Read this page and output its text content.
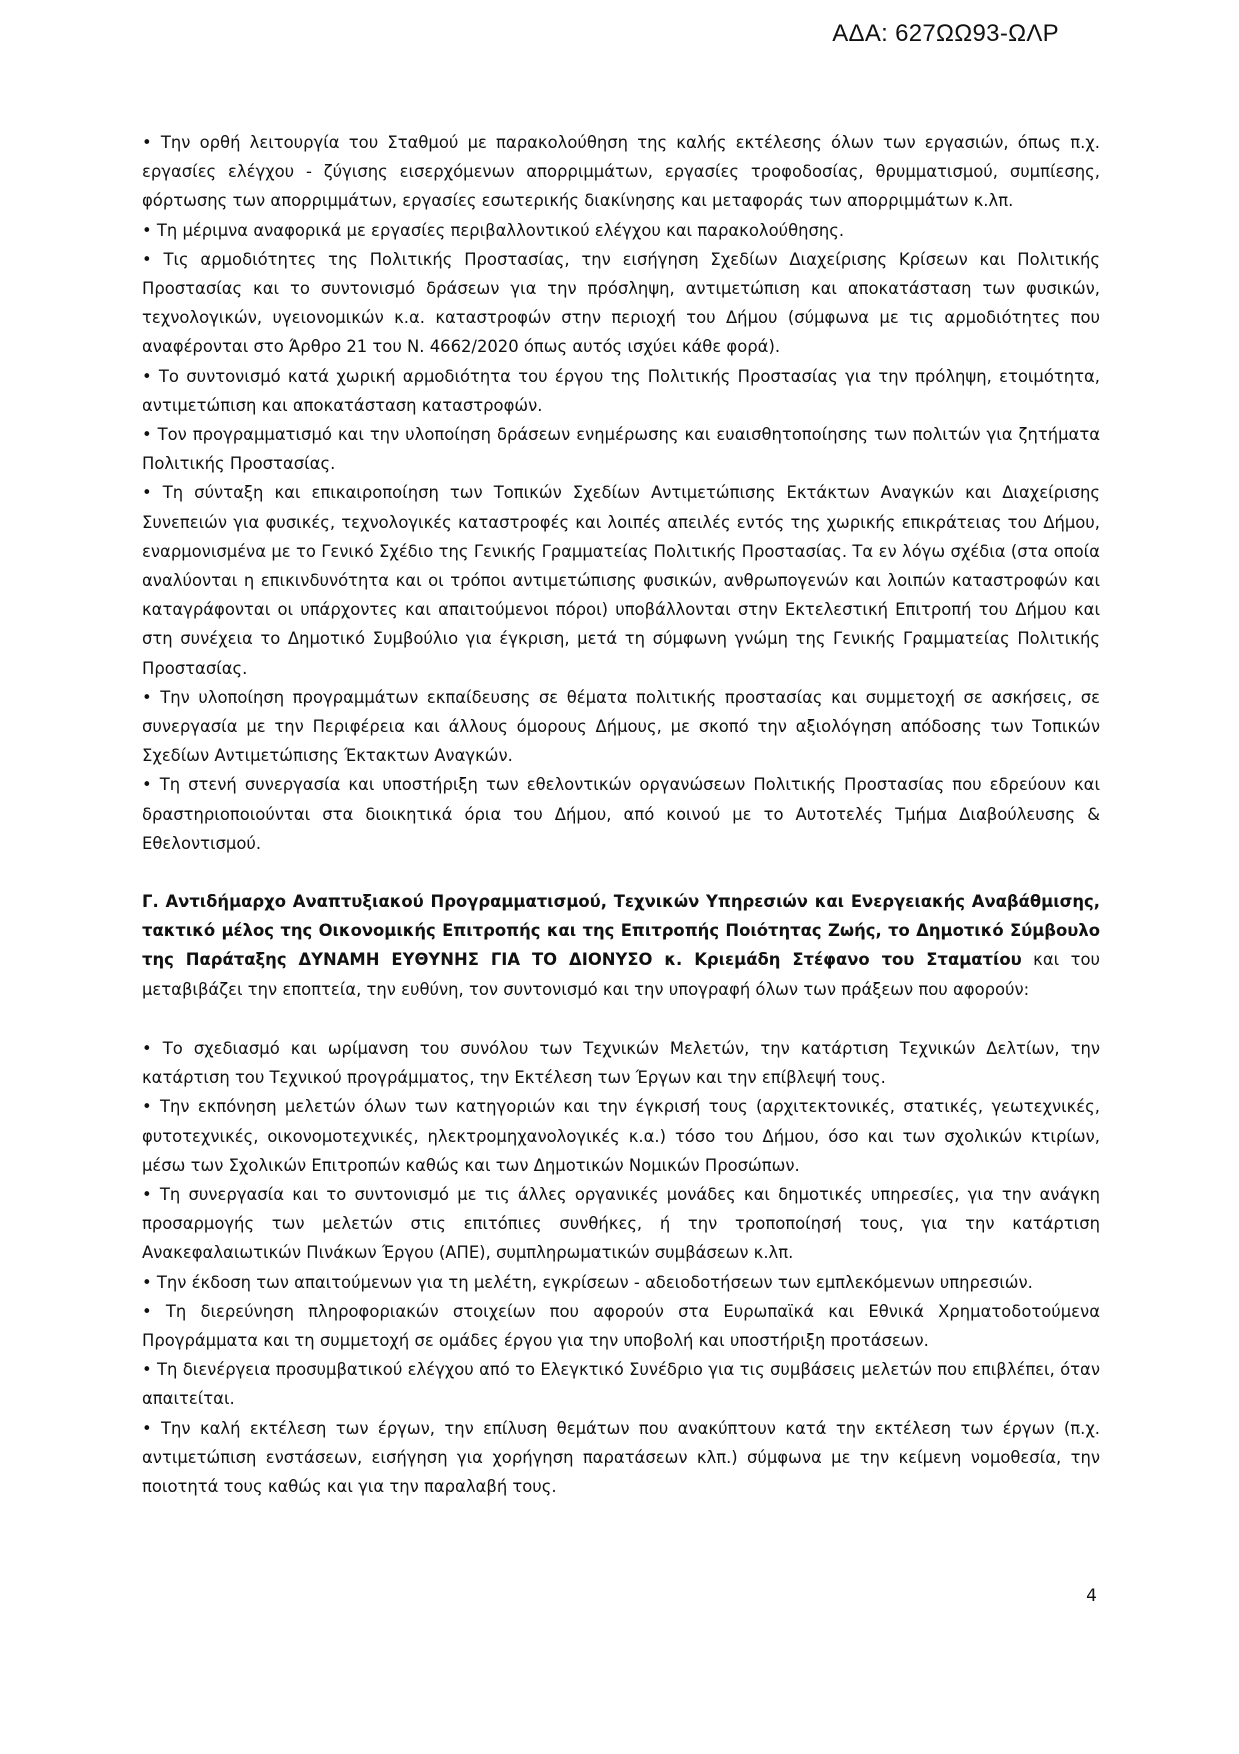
ΑΔΑ: 627ΩΩ93-ΩΛΡ

• Την ορθή λειτουργία του Σταθμού με παρακολούθηση της καλής εκτέλεσης όλων των εργασιών, όπως π.χ. εργασίες ελέγχου - ζύγισης εισερχόμενων απορριμμάτων, εργασίες τροφοδοσίας, θρυμματισμού, συμπίεσης, φόρτωσης των απορριμμάτων, εργασίες εσωτερικής διακίνησης και μεταφοράς των απορριμμάτων κ.λπ.

• Τη μέριμνα αναφορικά με εργασίες περιβαλλοντικού ελέγχου και παρακολούθησης.

• Τις αρμοδιότητες της Πολιτικής Προστασίας, την εισήγηση Σχεδίων Διαχείρισης Κρίσεων και Πολιτικής Προστασίας και το συντονισμό δράσεων για την πρόσληψη, αντιμετώπιση και αποκατάσταση των φυσικών, τεχνολογικών, υγειονομικών κ.α. καταστροφών στην περιοχή του Δήμου (σύμφωνα με τις αρμοδιότητες που αναφέρονται στο Άρθρο 21 του Ν. 4662/2020 όπως αυτός ισχύει κάθε φορά).

• Το συντονισμό κατά χωρική αρμοδιότητα του έργου της Πολιτικής Προστασίας για την πρόληψη, ετοιμότητα, αντιμετώπιση και αποκατάσταση καταστροφών.

• Τον προγραμματισμό και την υλοποίηση δράσεων ενημέρωσης και ευαισθητοποίησης των πολιτών για ζητήματα Πολιτικής Προστασίας.

• Τη σύνταξη και επικαιροποίηση των Τοπικών Σχεδίων Αντιμετώπισης Εκτάκτων Αναγκών και Διαχείρισης Συνεπειών για φυσικές, τεχνολογικές καταστροφές και λοιπές απειλές εντός της χωρικής επικράτειας του Δήμου, εναρμονισμένα με το Γενικό Σχέδιο της Γενικής Γραμματείας Πολιτικής Προστασίας. Τα εν λόγω σχέδια (στα οποία αναλύονται η επικινδυνότητα και οι τρόποι αντιμετώπισης φυσικών, ανθρωπογενών και λοιπών καταστροφών και καταγράφονται οι υπάρχοντες και απαιτούμενοι πόροι) υποβάλλονται στην Εκτελεστική Επιτροπή του Δήμου και στη συνέχεια το Δημοτικό Συμβούλιο για έγκριση, μετά τη σύμφωνη γνώμη της Γενικής Γραμματείας Πολιτικής Προστασίας.

• Την υλοποίηση προγραμμάτων εκπαίδευσης σε θέματα πολιτικής προστασίας και συμμετοχή σε ασκήσεις, σε συνεργασία με την Περιφέρεια και άλλους όμορους Δήμους, με σκοπό την αξιολόγηση απόδοσης των Τοπικών Σχεδίων Αντιμετώπισης Έκτακτων Αναγκών.

• Τη στενή συνεργασία και υποστήριξη των εθελοντικών οργανώσεων Πολιτικής Προστασίας που εδρεύουν και δραστηριοποιούνται στα διοικητικά όρια του Δήμου, από κοινού με το Αυτοτελές Τμήμα Διαβούλευσης & Εθελοντισμού.

Γ. Αντιδήμαρχο Αναπτυξιακού Προγραμματισμού, Τεχνικών Υπηρεσιών και Ενεργειακής Αναβάθμισης, τακτικό μέλος της Οικονομικής Επιτροπής και της Επιτροπής Ποιότητας Ζωής, το Δημοτικό Σύμβουλο της Παράταξης ΔΥΝΑΜΗ ΕΥΘΥΝΗΣ ΓΙΑ ΤΟ ΔΙΟΝΥΣΟ κ. Κριεμάδη Στέφανο του Σταματίου και του μεταβιβάζει την εποπτεία, την ευθύνη, τον συντονισμό και την υπογραφή όλων των πράξεων που αφορούν:

• Το σχεδιασμό και ωρίμανση του συνόλου των Τεχνικών Μελετών, την κατάρτιση Τεχνικών Δελτίων, την κατάρτιση του Τεχνικού προγράμματος, την Εκτέλεση των Έργων και την επίβλεψή τους.

• Την εκπόνηση μελετών όλων των κατηγοριών και την έγκρισή τους (αρχιτεκτονικές, στατικές, γεωτεχνικές, φυτοτεχνικές, οικονομοτεχνικές, ηλεκτρομηχανολογικές κ.α.) τόσο του Δήμου, όσο και των σχολικών κτιρίων, μέσω των Σχολικών Επιτροπών καθώς και των Δημοτικών Νομικών Προσώπων.

• Τη συνεργασία και το συντονισμό με τις άλλες οργανικές μονάδες και δημοτικές υπηρεσίες, για την ανάγκη προσαρμογής των μελετών στις επιτόπιες συνθήκες, ή την τροποποίησή τους, για την κατάρτιση Ανακεφαλαιωτικών Πινάκων Έργου (ΑΠΕ), συμπληρωματικών συμβάσεων κ.λπ.

• Την έκδοση των απαιτούμενων για τη μελέτη, εγκρίσεων - αδειοδοτήσεων των εμπλεκόμενων υπηρεσιών.

• Τη διερεύνηση πληροφοριακών στοιχείων που αφορούν στα Ευρωπαϊκά και Εθνικά Χρηματοδοτούμενα Προγράμματα και τη συμμετοχή σε ομάδες έργου για την υποβολή και υποστήριξη προτάσεων.

• Τη διενέργεια προσυμβατικού ελέγχου από το Ελεγκτικό Συνέδριο για τις συμβάσεις μελετών που επιβλέπει, όταν απαιτείται.

• Την καλή εκτέλεση των έργων, την επίλυση θεμάτων που ανακύπτουν κατά την εκτέλεση των έργων (π.χ. αντιμετώπιση ενστάσεων, εισήγηση για χορήγηση παρατάσεων κλπ.) σύμφωνα με την κείμενη νομοθεσία, την ποιοτητά τους καθώς και για την παραλαβή τους.

4
